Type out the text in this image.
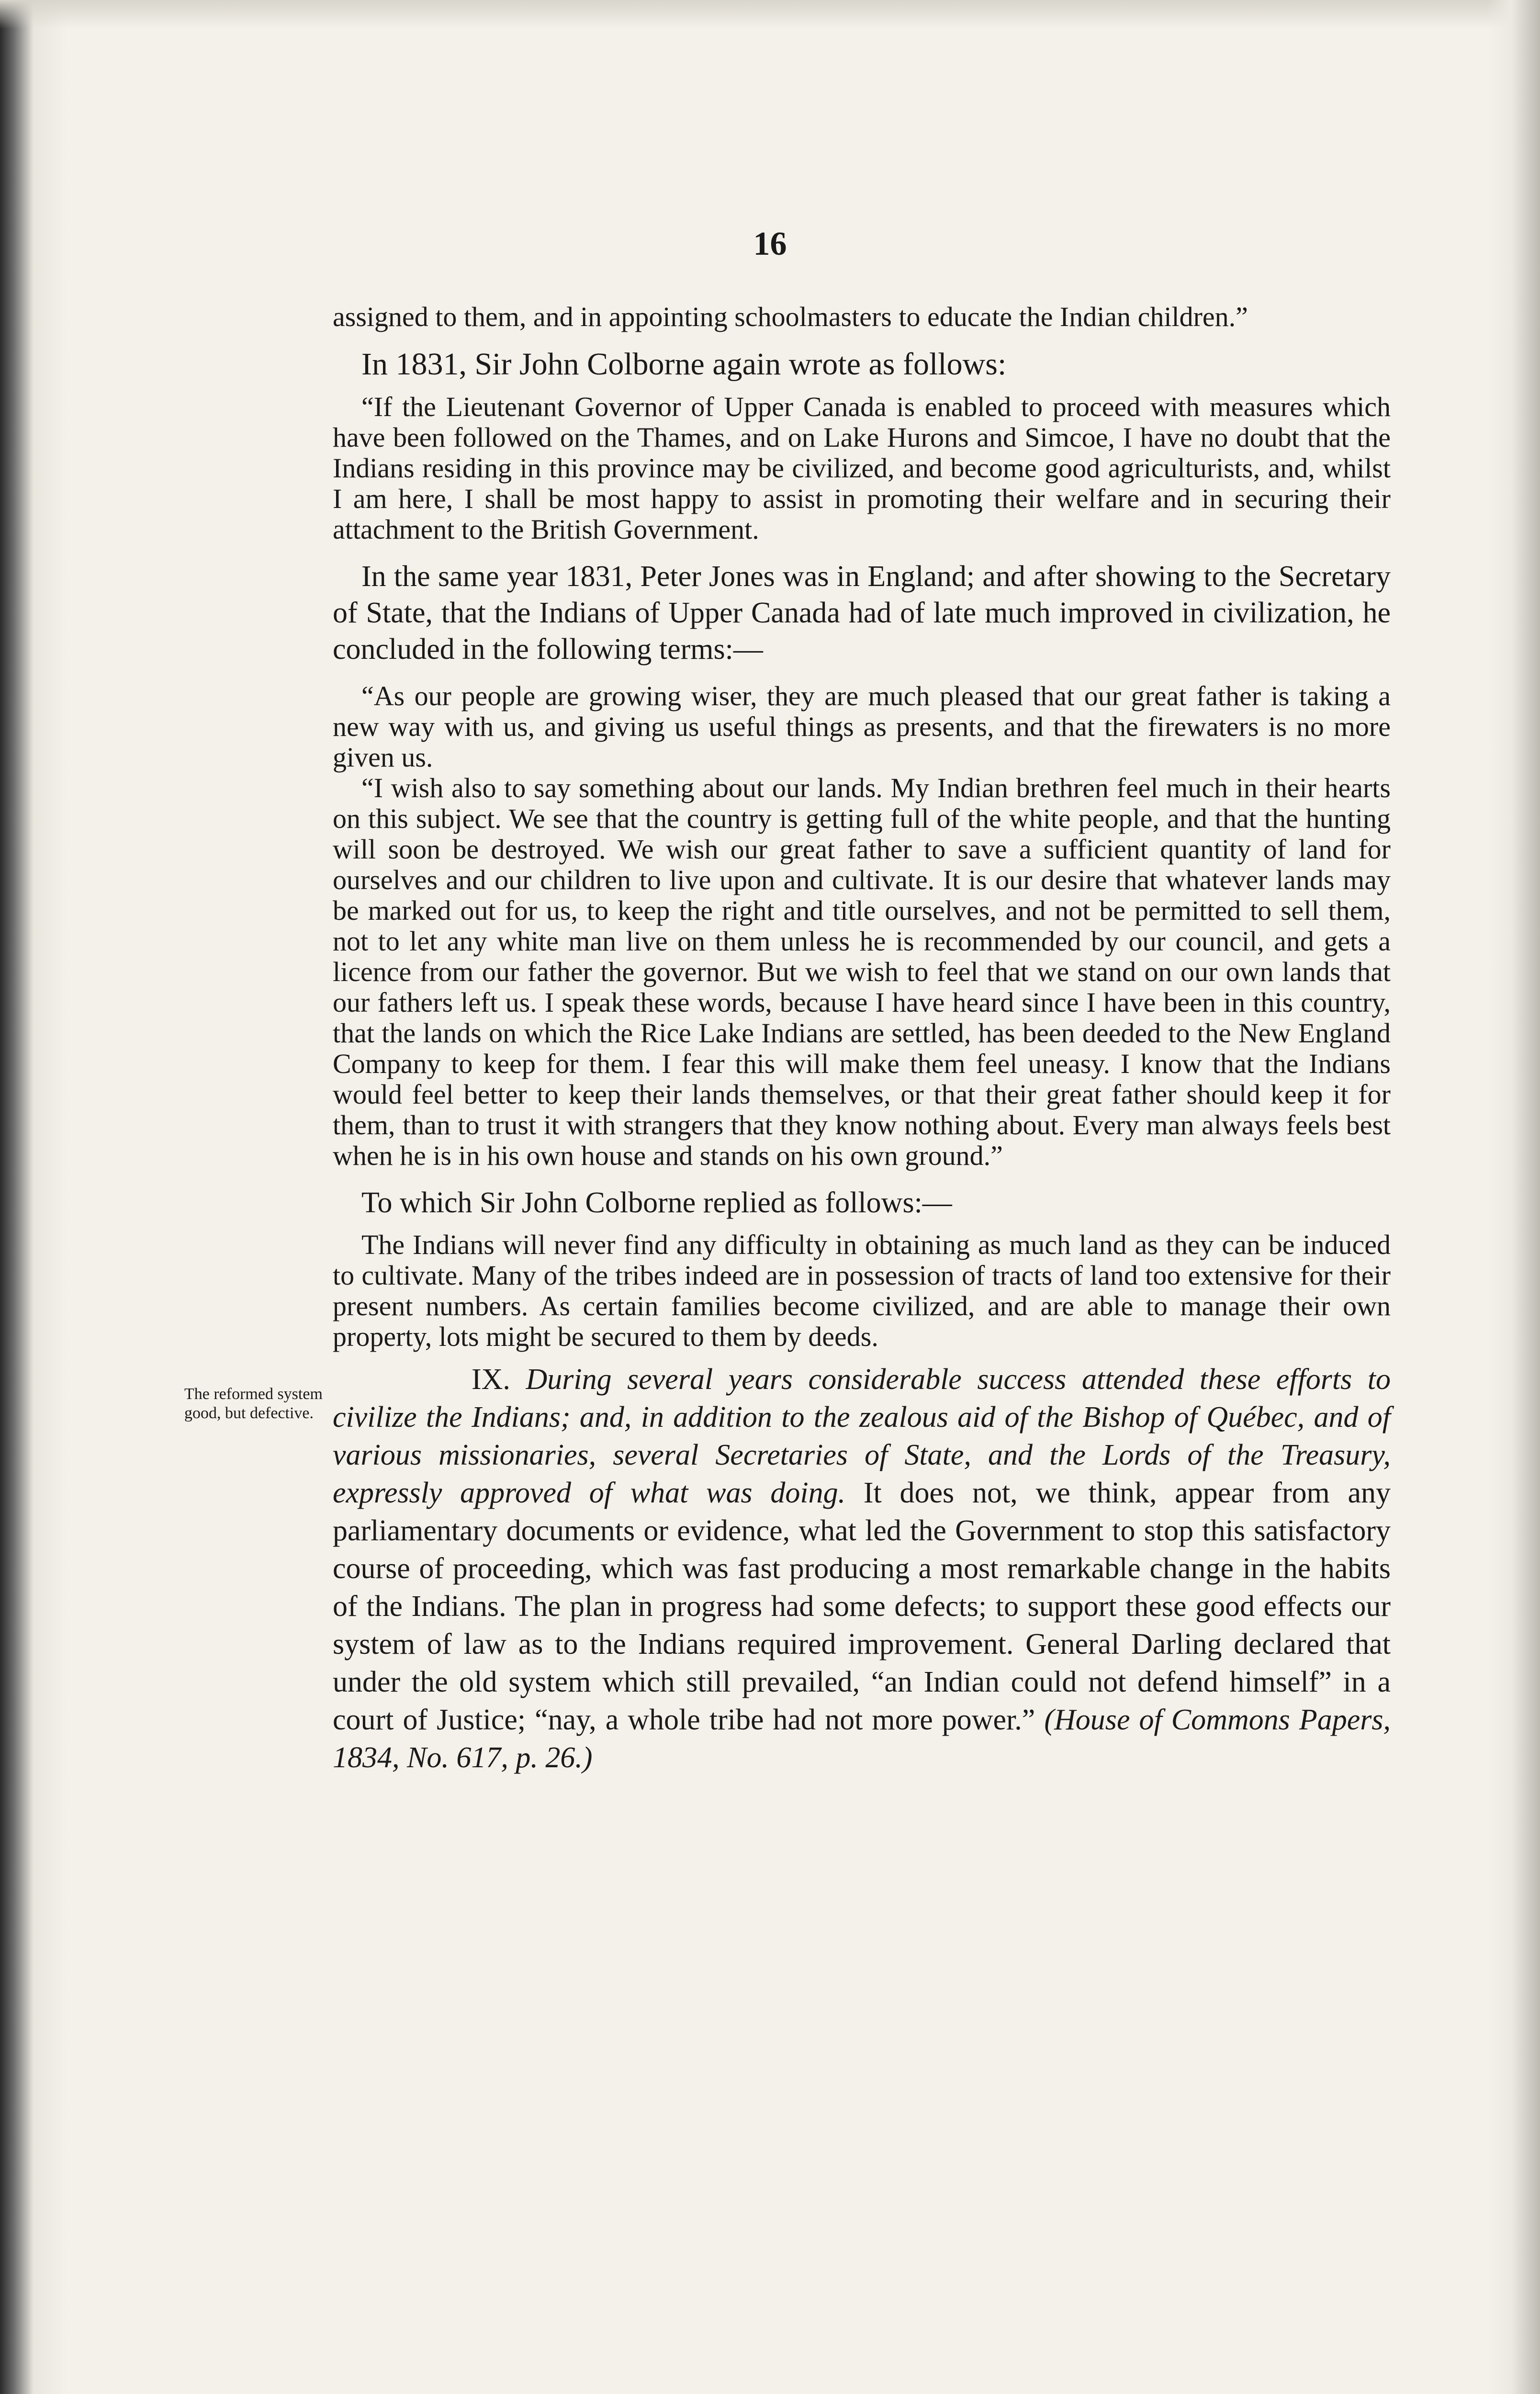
16

assigned to them, and in appointing schoolmasters to educate the Indian children.”

In 1831, Sir John Colborne again wrote as follows:

“If the Lieutenant Governor of Upper Canada is enabled to proceed with measures which have been followed on the Thames, and on Lake Hurons and Simcoe, I have no doubt that the Indians residing in this province may be civilized, and become good agriculturists, and, whilst I am here, I shall be most happy to assist in promoting their welfare and in securing their attachment to the British Government.

In the same year 1831, Peter Jones was in England; and after showing to the Secretary of State, that the Indians of Upper Canada had of late much improved in civilization, he concluded in the following terms:—

“As our people are growing wiser, they are much pleased that our great father is taking a new way with us, and giving us useful things as presents, and that the firewaters is no more given us.

“I wish also to say something about our lands. My Indian brethren feel much in their hearts on this subject. We see that the country is getting full of the white people, and that the hunting will soon be destroyed. We wish our great father to save a sufficient quantity of land for ourselves and our children to live upon and cultivate. It is our desire that whatever lands may be marked out for us, to keep the right and title ourselves, and not be permitted to sell them, not to let any white man live on them unless he is recommended by our council, and gets a licence from our father the governor. But we wish to feel that we stand on our own lands that our fathers left us. I speak these words, because I have heard since I have been in this country, that the lands on which the Rice Lake Indians are settled, has been deeded to the New England Company to keep for them. I fear this will make them feel uneasy. I know that the Indians would feel better to keep their lands themselves, or that their great father should keep it for them, than to trust it with strangers that they know nothing about. Every man always feels best when he is in his own house and stands on his own ground.”

To which Sir John Colborne replied as follows:—

The Indians will never find any difficulty in obtaining as much land as they can be induced to cultivate. Many of the tribes indeed are in possession of tracts of land too extensive for their present numbers. As certain families become civilized, and are able to manage their own property, lots might be secured to them by deeds.

The reformed system good, but defective.

IX. During several years considerable success attended these efforts to civilize the Indians; and, in addition to the zealous aid of the Bishop of Québec, and of various missionaries, several Secretaries of State, and the Lords of the Treasury, expressly approved of what was doing. It does not, we think, appear from any parliamentary documents or evidence, what led the Government to stop this satisfactory course of proceeding, which was fast producing a most remarkable change in the habits of the Indians. The plan in progress had some defects; to support these good effects our system of law as to the Indians required improvement. General Darling declared that under the old system which still prevailed, “an Indian could not defend himself” in a court of Justice; “nay, a whole tribe had not more power.” (House of Commons Papers, 1834, No. 617, p. 26.)
